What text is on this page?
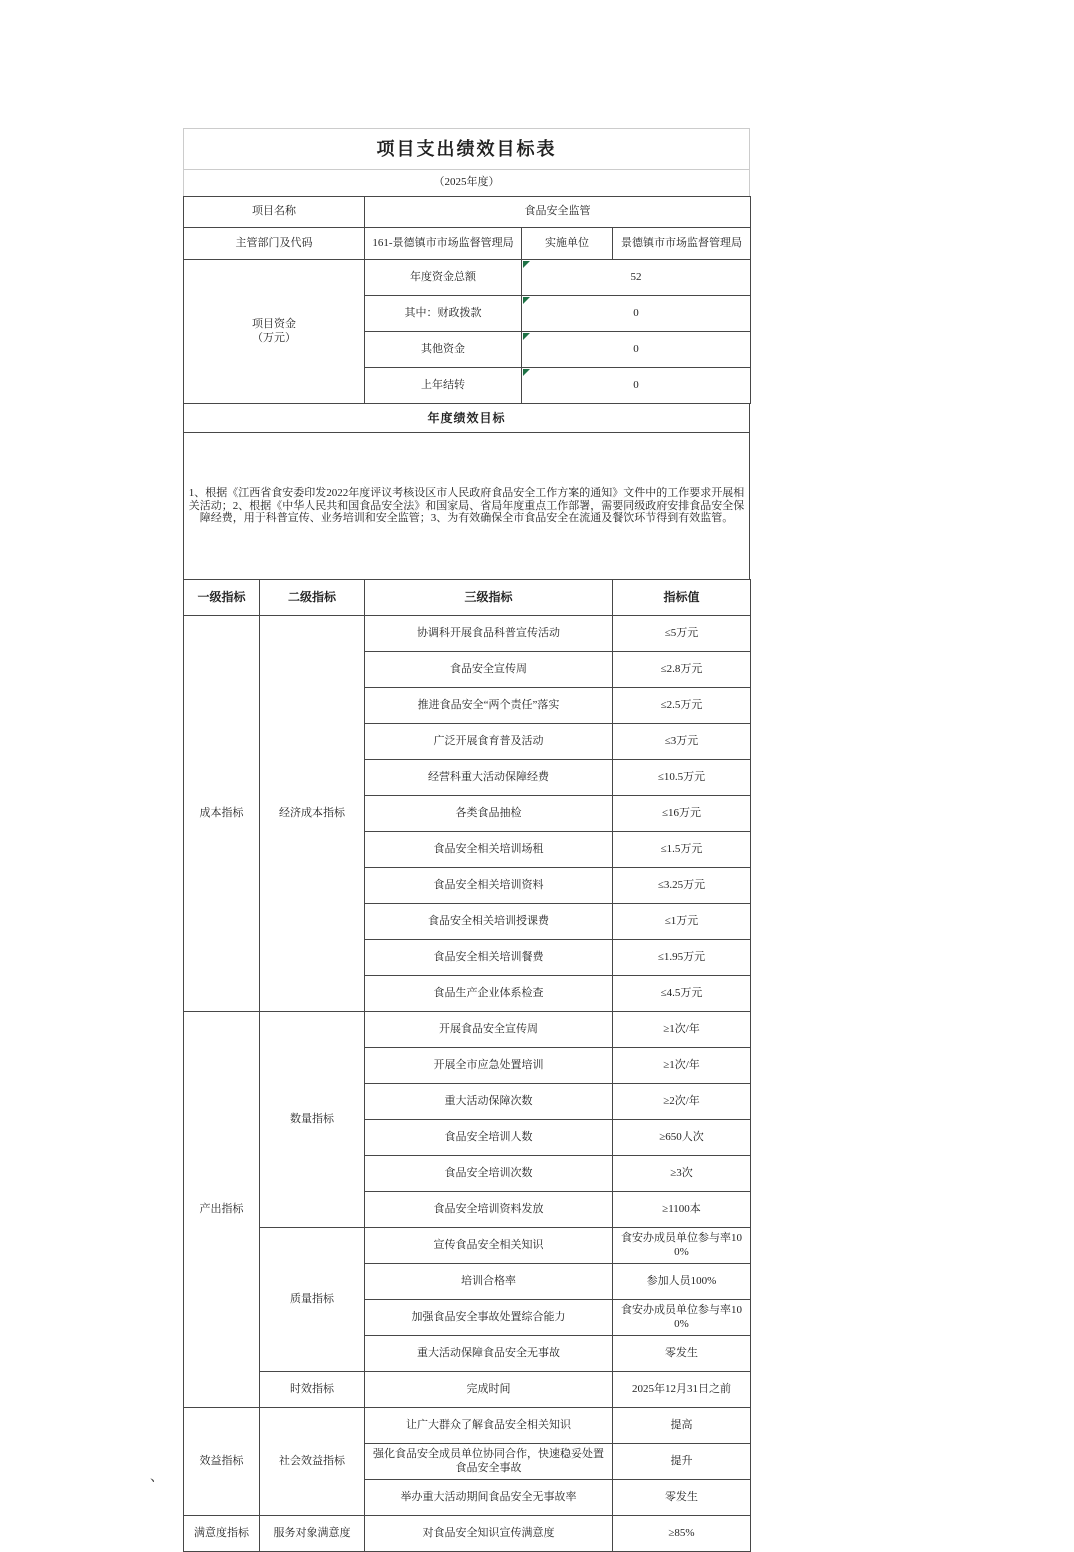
项目支出绩效目标表
（2025年度）
项目名称	食品安全监管		
主管部门及代码	161-景德镇市市场监督管理局	实施单位	景德镇市市场监督管理局

项目资金
（万元）	年度资金总额	52	
	其中：财政拨款	0	
	其他资金	0	
	上年结转	0	
年度绩效目标
1、根据《江西省食安委印发2022年度评议考核设区市人民政府食品安全工作方案的通知》文件中的工作要求开展相关活动；2、根据《中华人民共和国食品安全法》和国家局、省局年度重点工作部署，需要同级政府安排食品安全保障经费，用于科普宣传、业务培训和安全监管；3、为有效确保全市食品安全在流通及餐饮环节得到有效监管。
一级指标	二级指标	三级指标	指标值
成本指标	经济成本指标	协调科开展食品科普宣传活动	≤5万元
		食品安全宣传周	≤2.8万元
		推进食品安全“两个责任”落实	≤2.5万元
		广泛开展食育普及活动	≤3万元
		经营科重大活动保障经费	≤10.5万元
		各类食品抽检	≤16万元
		食品安全相关培训场租	≤1.5万元
		食品安全相关培训资料	≤3.25万元
		食品安全相关培训授课费	≤1万元
		食品安全相关培训餐费	≤1.95万元
		食品生产企业体系检查	≤4.5万元
产出指标	数量指标	开展食品安全宣传周	≥1次/年
		开展全市应急处置培训	≥1次/年
		重大活动保障次数	≥2次/年
		食品安全培训人数	≥650人次
		食品安全培训次数	≥3次
		食品安全培训资料发放	≥1100本
	质量指标	宣传食品安全相关知识	食安办成员单位参与率100%
		培训合格率	参加人员100%
		加强食品安全事故处置综合能力	食安办成员单位参与率100%
		重大活动保障食品安全无事故	零发生
	时效指标	完成时间	2025年12月31日之前
效益指标	社会效益指标	让广大群众了解食品安全相关知识	提高
		强化食品安全成员单位协同合作，快速稳妥处置食品安全事故	提升
		举办重大活动期间食品安全无事故率	零发生
满意度指标	服务对象满意度	对食品安全知识宣传满意度	≥85%
、
